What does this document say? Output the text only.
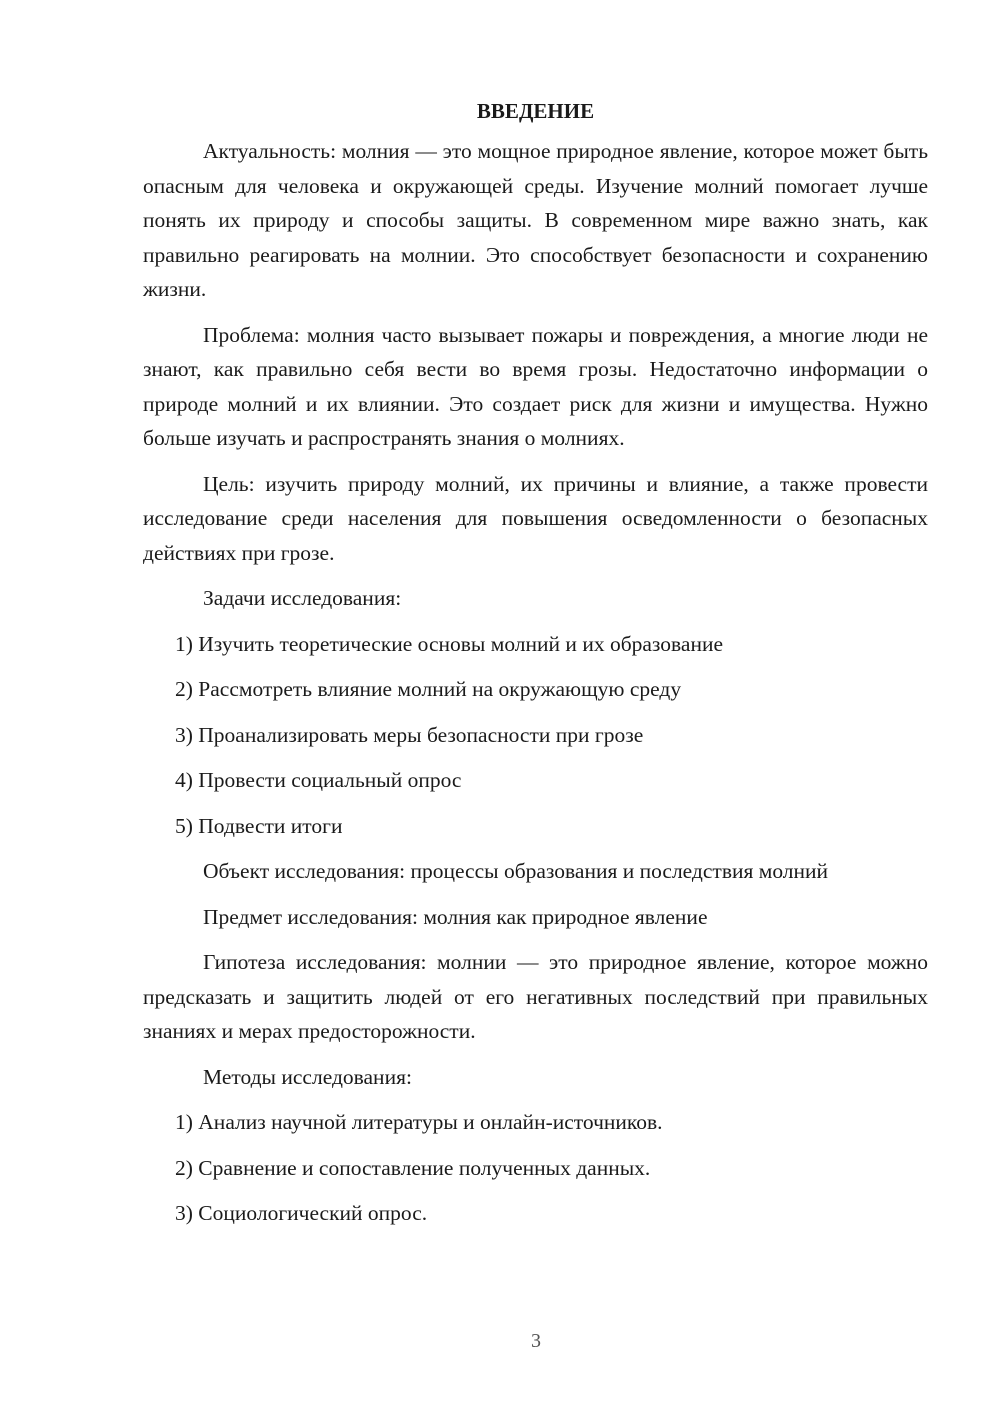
ВВЕДЕНИЕ

Актуальность: молния — это мощное природное явление, которое может быть опасным для человека и окружающей среды. Изучение молний помогает лучше понять их природу и способы защиты. В современном мире важно знать, как правильно реагировать на молнии. Это способствует безопасности и сохранению жизни.

Проблема: молния часто вызывает пожары и повреждения, а многие люди не знают, как правильно себя вести во время грозы. Недостаточно информации о природе молний и их влиянии. Это создает риск для жизни и имущества. Нужно больше изучать и распространять знания о молниях.

Цель: изучить природу молний, их причины и влияние, а также провести исследование среди населения для повышения осведомленности о безопасных действиях при грозе.

Задачи исследования:

1) Изучить теоретические основы молний и их образование
2) Рассмотреть влияние молний на окружающую среду
3) Проанализировать меры безопасности при грозе
4) Провести социальный опрос
5) Подвести итоги

Объект исследования: процессы образования и последствия молний

Предмет исследования: молния как природное явление

Гипотеза исследования: молнии — это природное явление, которое можно предсказать и защитить людей от его негативных последствий при правильных знаниях и мерах предосторожности.

Методы исследования:

1) Анализ научной литературы и онлайн-источников.
2) Сравнение и сопоставление полученных данных.
3) Социологический опрос.
3
